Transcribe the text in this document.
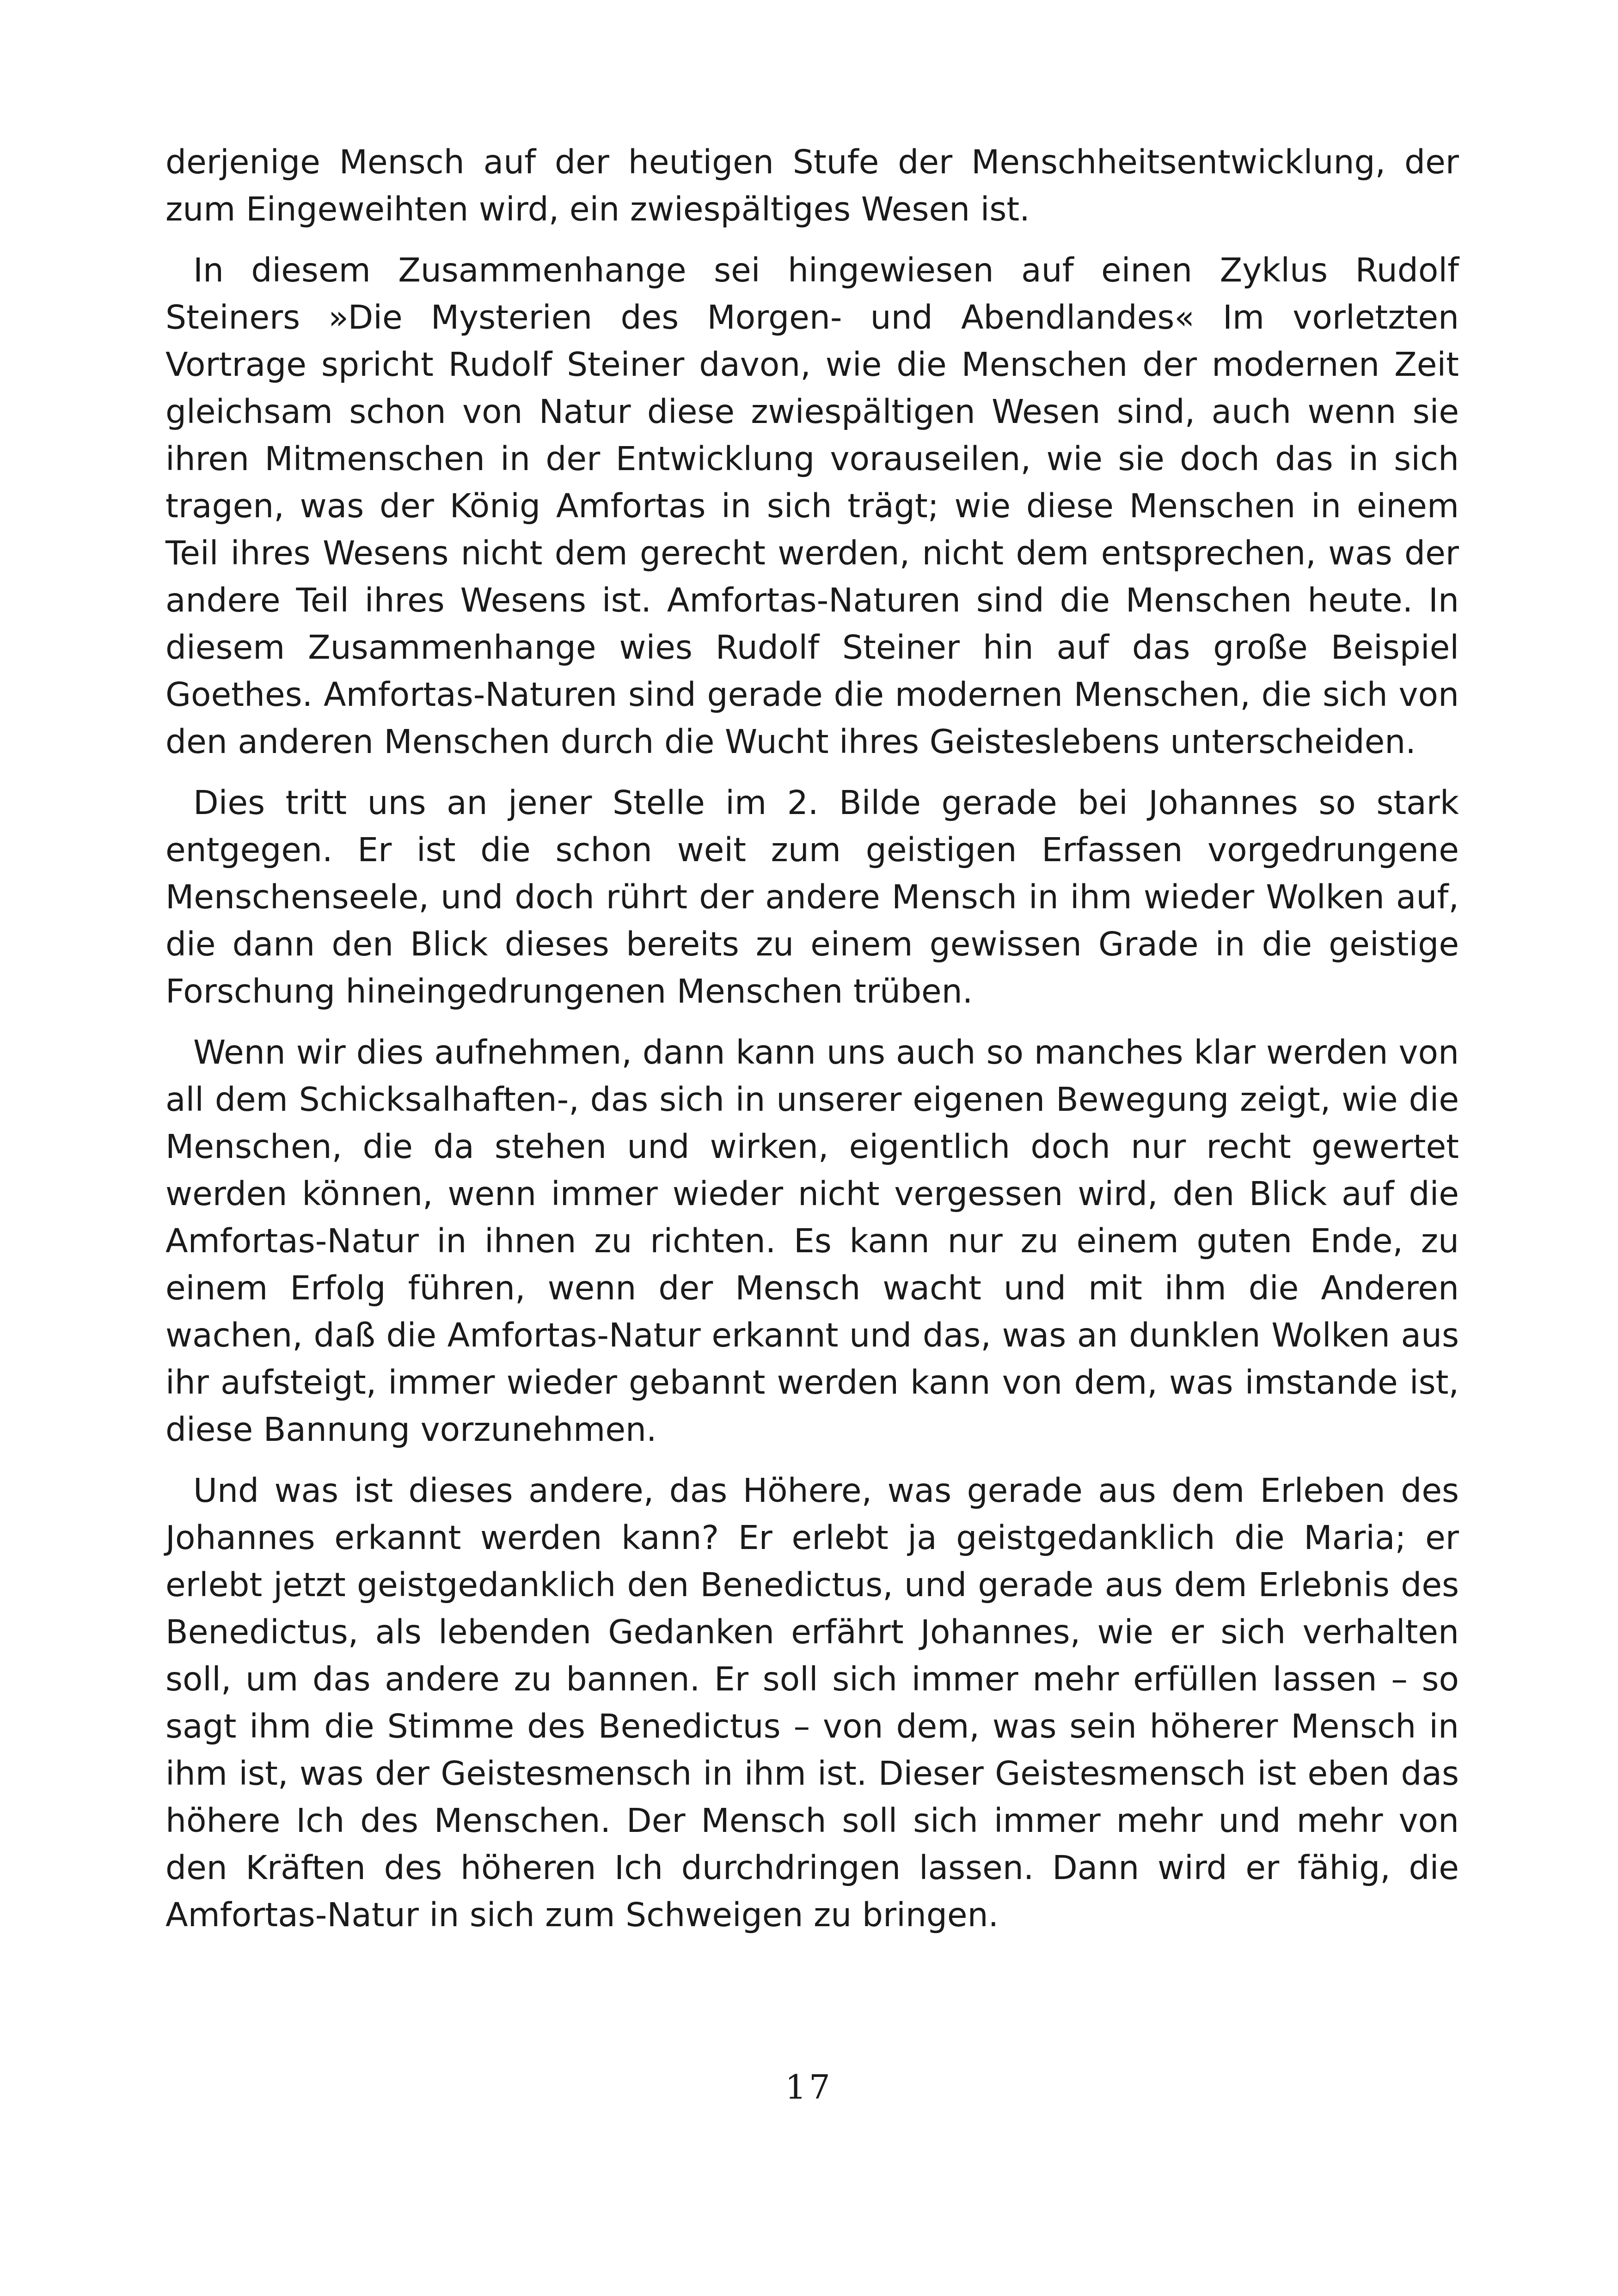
derjenige Mensch auf der heutigen Stufe der Menschheitsentwicklung, der zum Eingeweihten wird, ein zwiespältiges Wesen ist.

In diesem Zusammenhange sei hingewiesen auf einen Zyklus Rudolf Steiners »Die Mysterien des Morgen- und Abendlandes« Im vorletzten Vortrage spricht Rudolf Steiner davon, wie die Menschen der modernen Zeit gleichsam schon von Natur diese zwiespältigen Wesen sind, auch wenn sie ihren Mitmenschen in der Entwicklung vorauseilen, wie sie doch das in sich tragen, was der König Amfortas in sich trägt; wie diese Menschen in einem Teil ihres Wesens nicht dem gerecht werden, nicht dem entsprechen, was der andere Teil ihres Wesens ist. Amfortas-Naturen sind die Menschen heute. In diesem Zusammenhange wies Rudolf Steiner hin auf das große Beispiel Goethes. Amfortas-Naturen sind gerade die modernen Menschen, die sich von den anderen Menschen durch die Wucht ihres Geisteslebens unterscheiden.

Dies tritt uns an jener Stelle im 2. Bilde gerade bei Johannes so stark entgegen. Er ist die schon weit zum geistigen Erfassen vorgedrungene Menschenseele, und doch rührt der andere Mensch in ihm wieder Wolken auf, die dann den Blick dieses bereits zu einem gewissen Grade in die geistige Forschung hineingedrungenen Menschen trüben.

Wenn wir dies aufnehmen, dann kann uns auch so manches klar werden von all dem Schicksalhaften-, das sich in unserer eigenen Bewegung zeigt, wie die Menschen, die da stehen und wirken, eigentlich doch nur recht gewertet werden können, wenn immer wieder nicht vergessen wird, den Blick auf die Amfortas-Natur in ihnen zu richten. Es kann nur zu einem guten Ende, zu einem Erfolg führen, wenn der Mensch wacht und mit ihm die Anderen wachen, daß die Amfortas-Natur erkannt und das, was an dunklen Wolken aus ihr aufsteigt, immer wieder gebannt werden kann von dem, was imstande ist, diese Bannung vorzunehmen.

Und was ist dieses andere, das Höhere, was gerade aus dem Erleben des Johannes erkannt werden kann? Er erlebt ja geistgedanklich die Maria; er erlebt jetzt geistgedanklich den Benedictus, und gerade aus dem Erlebnis des Benedictus, als lebenden Gedanken erfährt Johannes, wie er sich verhalten soll, um das andere zu bannen. Er soll sich immer mehr erfüllen lassen – so sagt ihm die Stimme des Benedictus – von dem, was sein höherer Mensch in ihm ist, was der Geistesmensch in ihm ist. Dieser Geistesmensch ist eben das höhere Ich des Menschen. Der Mensch soll sich immer mehr und mehr von den Kräften des höheren Ich durchdringen lassen. Dann wird er fähig, die Amfortas-Natur in sich zum Schweigen zu bringen.

17
